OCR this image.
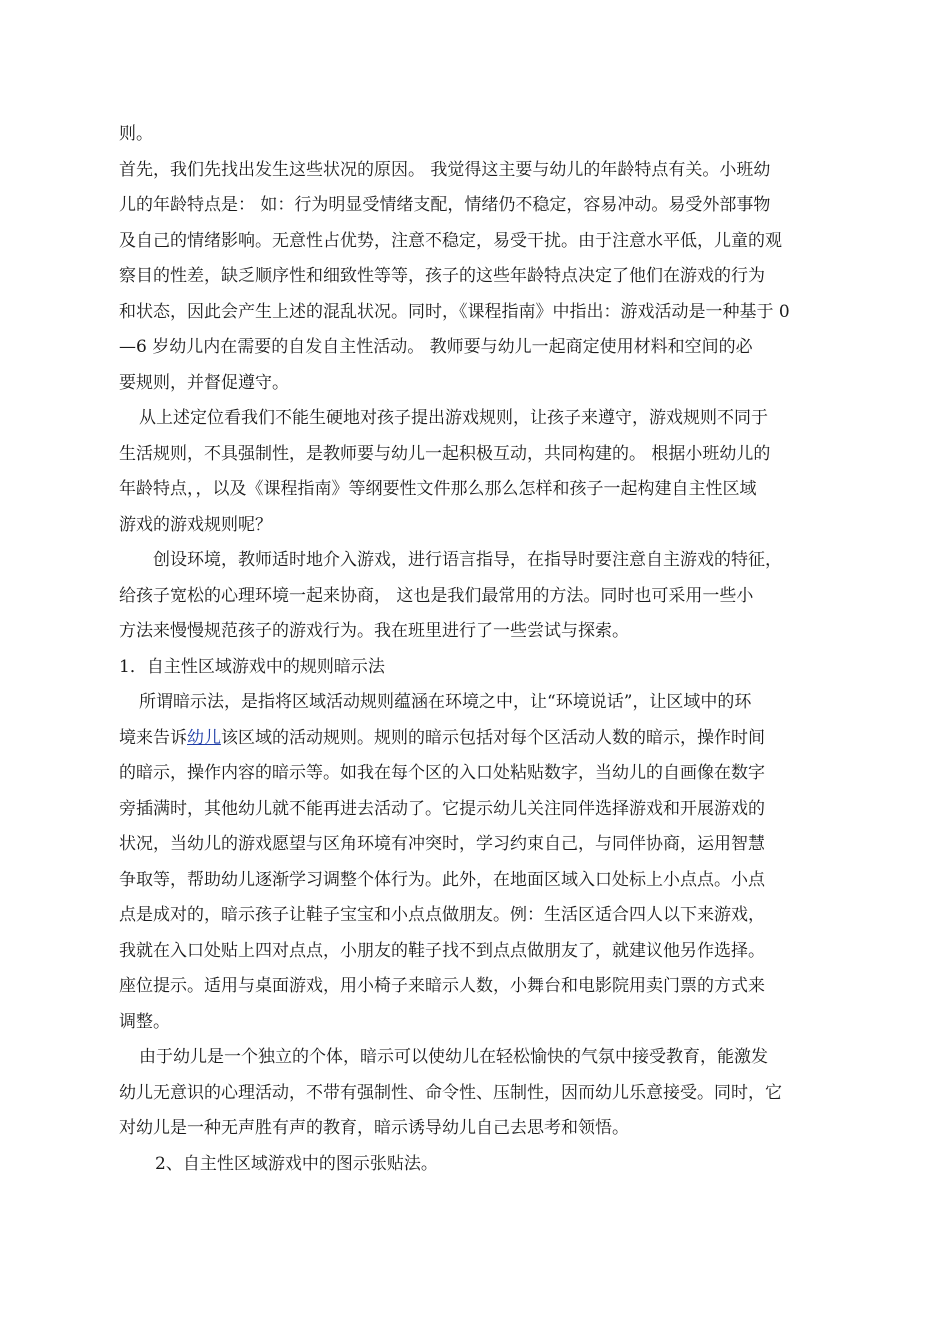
则。

首先，我们先找出发生这些状况的原因。 我觉得这主要与幼儿的年龄特点有关。小班幼

儿的年龄特点是： 如：行为明显受情绪支配，情绪仍不稳定，容易冲动。易受外部事物

及自己的情绪影响。无意性占优势，注意不稳定，易受干扰。由于注意水平低，儿童的观

察目的性差，缺乏顺序性和细致性等等，孩子的这些年龄特点决定了他们在游戏的行为

和状态，因此会产生上述的混乱状况。同时，《课程指南》中指出：游戏活动是一种基于 0

—6 岁幼儿内在需要的自发自主性活动。 教师要与幼儿一起商定使用材料和空间的必

要规则，并督促遵守。

从上述定位看我们不能生硬地对孩子提出游戏规则，让孩子来遵守，游戏规则不同于

生活规则，不具强制性，是教师要与幼儿一起积极互动，共同构建的。 根据小班幼儿的

年龄特点，，以及《课程指南》等纲要性文件那么那么怎样和孩子一起构建自主性区域

游戏的游戏规则呢？

创设环境，教师适时地介入游戏，进行语言指导，在指导时要注意自主游戏的特征，

给孩子宽松的心理环境一起来协商， 这也是我们最常用的方法。同时也可采用一些小

方法来慢慢规范孩子的游戏行为。我在班里进行了一些尝试与探索。

1．自主性区域游戏中的规则暗示法

所谓暗示法，是指将区域活动规则蕴涵在环境之中，让“环境说话”，让区域中的环

境来告诉幼儿该区域的活动规则。规则的暗示包括对每个区活动人数的暗示，操作时间

的暗示，操作内容的暗示等。如我在每个区的入口处粘贴数字，当幼儿的自画像在数字

旁插满时，其他幼儿就不能再进去活动了。它提示幼儿关注同伴选择游戏和开展游戏的

状况，当幼儿的游戏愿望与区角环境有冲突时，学习约束自己，与同伴协商，运用智慧

争取等，帮助幼儿逐渐学习调整个体行为。此外，在地面区域入口处标上小点点。小点

点是成对的，暗示孩子让鞋子宝宝和小点点做朋友。例：生活区适合四人以下来游戏，

我就在入口处贴上四对点点，小朋友的鞋子找不到点点做朋友了，就建议他另作选择。

座位提示。适用与桌面游戏，用小椅子来暗示人数，小舞台和电影院用卖门票的方式来

调整。

由于幼儿是一个独立的个体，暗示可以使幼儿在轻松愉快的气氛中接受教育，能激发

幼儿无意识的心理活动，不带有强制性、命令性、压制性，因而幼儿乐意接受。同时，它

对幼儿是一种无声胜有声的教育，暗示诱导幼儿自己去思考和领悟。

2、自主性区域游戏中的图示张贴法。
